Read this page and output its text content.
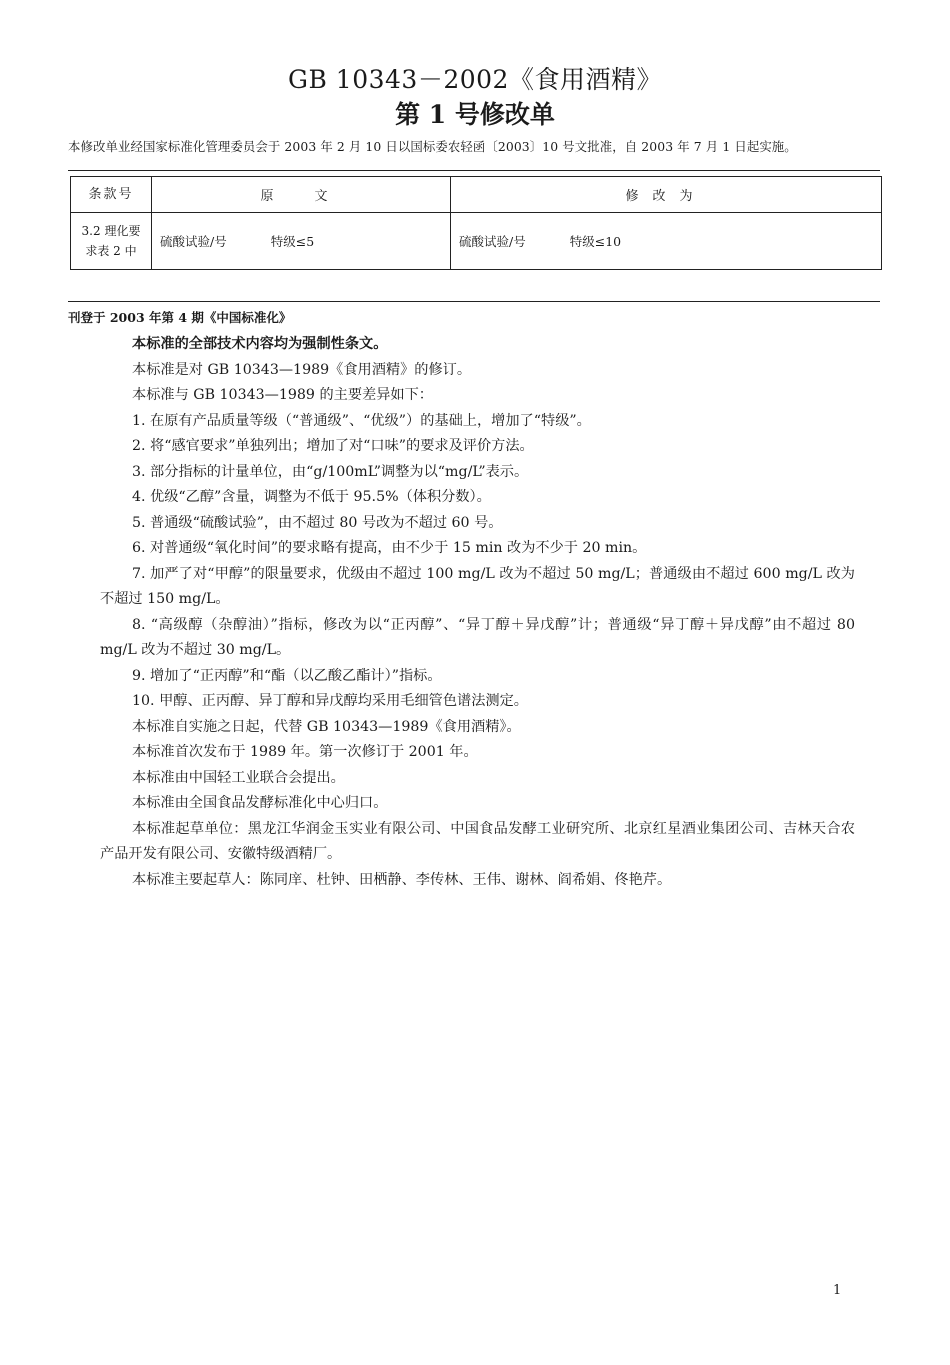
GB 10343－2002《食用酒精》
第 1 号修改单
本修改单业经国家标准化管理委员会于 2003 年 2 月 10 日以国标委农轻函〔2003〕10 号文批准，自 2003 年 7 月 1 日起实施。
条款号	原　文	修改为

3.2 理化要
求表 2 中	硫酸试验/号 特级≤5	硫酸试验/号 特级≤10
刊登于 2003 年第 4 期《中国标准化》

本标准的全部技术内容均为强制性条文。

本标准是对 GB 10343—1989《食用酒精》的修订。

本标准与 GB 10343—1989 的主要差异如下：

1. 在原有产品质量等级（“普通级”、“优级”）的基础上，增加了“特级”。

2. 将“感官要求”单独列出；增加了对“口味”的要求及评价方法。

3. 部分指标的计量单位，由“g/100mL”调整为以“mg/L”表示。

4. 优级“乙醇”含量，调整为不低于 95.5%（体积分数）。

5. 普通级“硫酸试验”，由不超过 80 号改为不超过 60 号。

6. 对普通级“氧化时间”的要求略有提高，由不少于 15 min 改为不少于 20 min。

7. 加严了对“甲醇”的限量要求，优级由不超过 100 mg/L 改为不超过 50 mg/L；普通级由不超过 600 mg/L 改为不超过 150 mg/L。

8. “高级醇（杂醇油）”指标，修改为以“正丙醇”、“异丁醇＋异戊醇”计；普通级“异丁醇＋异戊醇”由不超过 80 mg/L 改为不超过 30 mg/L。

9. 增加了“正丙醇”和“酯（以乙酸乙酯计）”指标。

10. 甲醇、正丙醇、异丁醇和异戊醇均采用毛细管色谱法测定。

本标准自实施之日起，代替 GB 10343—1989《食用酒精》。

本标准首次发布于 1989 年。第一次修订于 2001 年。

本标准由中国轻工业联合会提出。

本标准由全国食品发酵标准化中心归口。

本标准起草单位：黑龙江华润金玉实业有限公司、中国食品发酵工业研究所、北京红星酒业集团公司、吉林天合农产品开发有限公司、安徽特级酒精厂。

本标准主要起草人：陈同庠、杜钟、田栖静、李传林、王伟、谢林、阎希娟、佟艳芹。

1
